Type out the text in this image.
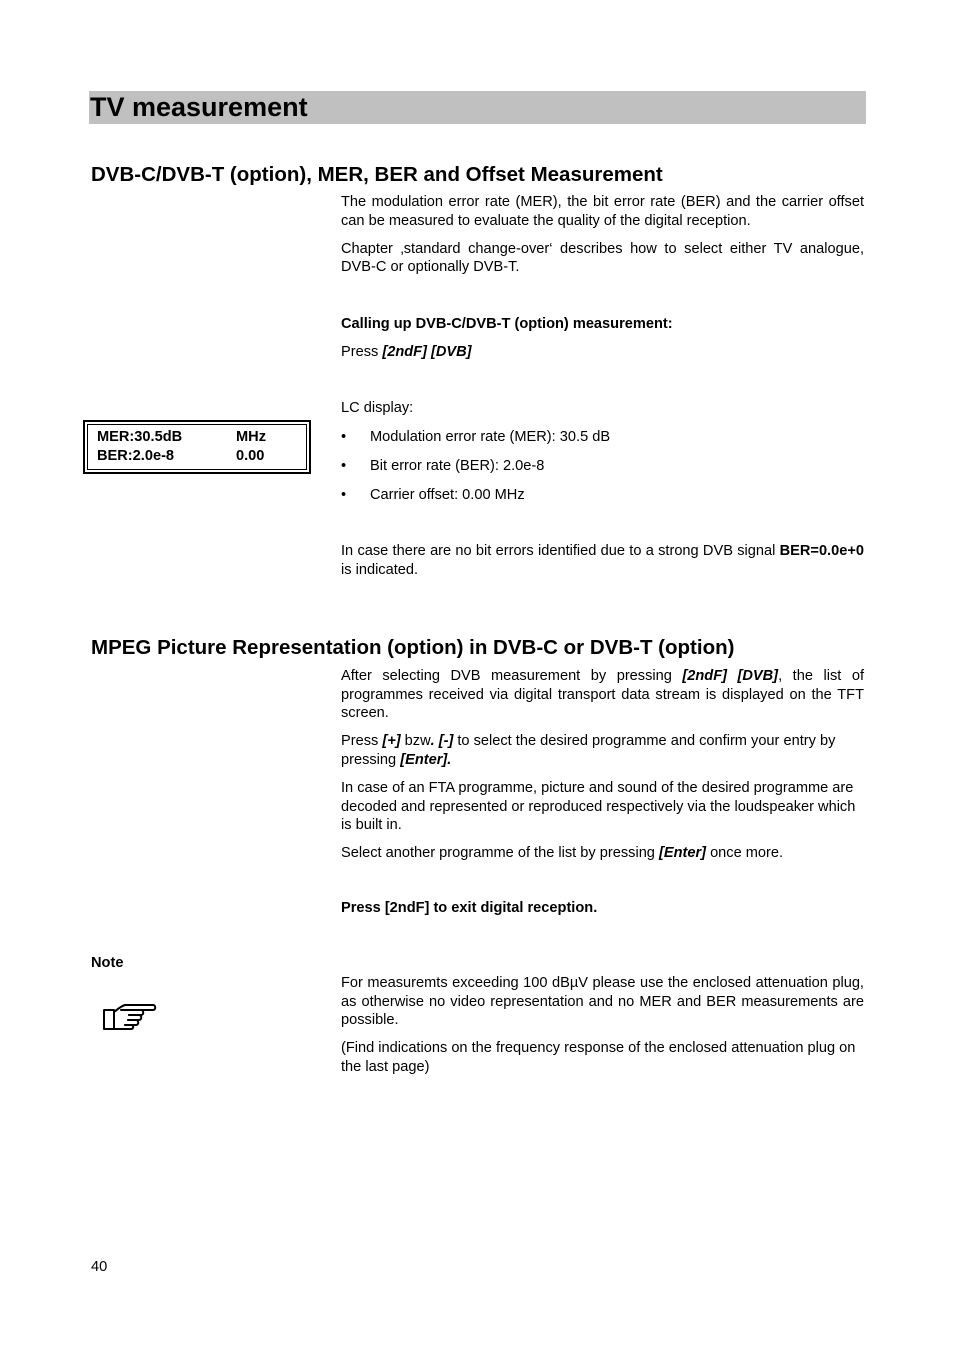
TV measurement
DVB-C/DVB-T (option), MER, BER and Offset Measurement

The modulation error rate (MER), the bit error rate (BER) and the carrier offset can be measured to evaluate the quality of the digital reception.

Chapter ‚standard change-over‘ describes how to select either TV analogue, DVB-C or optionally DVB-T.

Calling up DVB-C/DVB-T (option) measurement:
Press [2ndF] [DVB]
LC display:
• Modulation error rate (MER): 30.5 dB
• Bit error rate (BER): 2.0e-8
• Carrier offset: 0.00 MHz
MER:30.5dB	MHz
BER:2.0e-8	0.00
In case there are no bit errors identified due to a strong DVB signal BER=0.0e+0 is indicated.
MPEG Picture Representation (option) in DVB-C or DVB-T (option)

After selecting DVB measurement by pressing [2ndF] [DVB], the list of programmes received via digital transport data stream is displayed on the TFT screen.

Press [+] bzw. [-] to select the desired programme and confirm your entry by pressing [Enter].

In case of an FTA programme, picture and sound of the desired programme are decoded and represented or reproduced respectively via the loudspeaker which is built in.

Select another programme of the list by pressing [Enter] once more.

Press [2ndF] to exit digital reception.
Note

For measuremts exceeding 100 dBµV please use the enclosed attenuation plug, as otherwise no video representation and no MER and BER measurements are possible.

(Find indications on the frequency response of the enclosed attenuation plug on the last page)

40
